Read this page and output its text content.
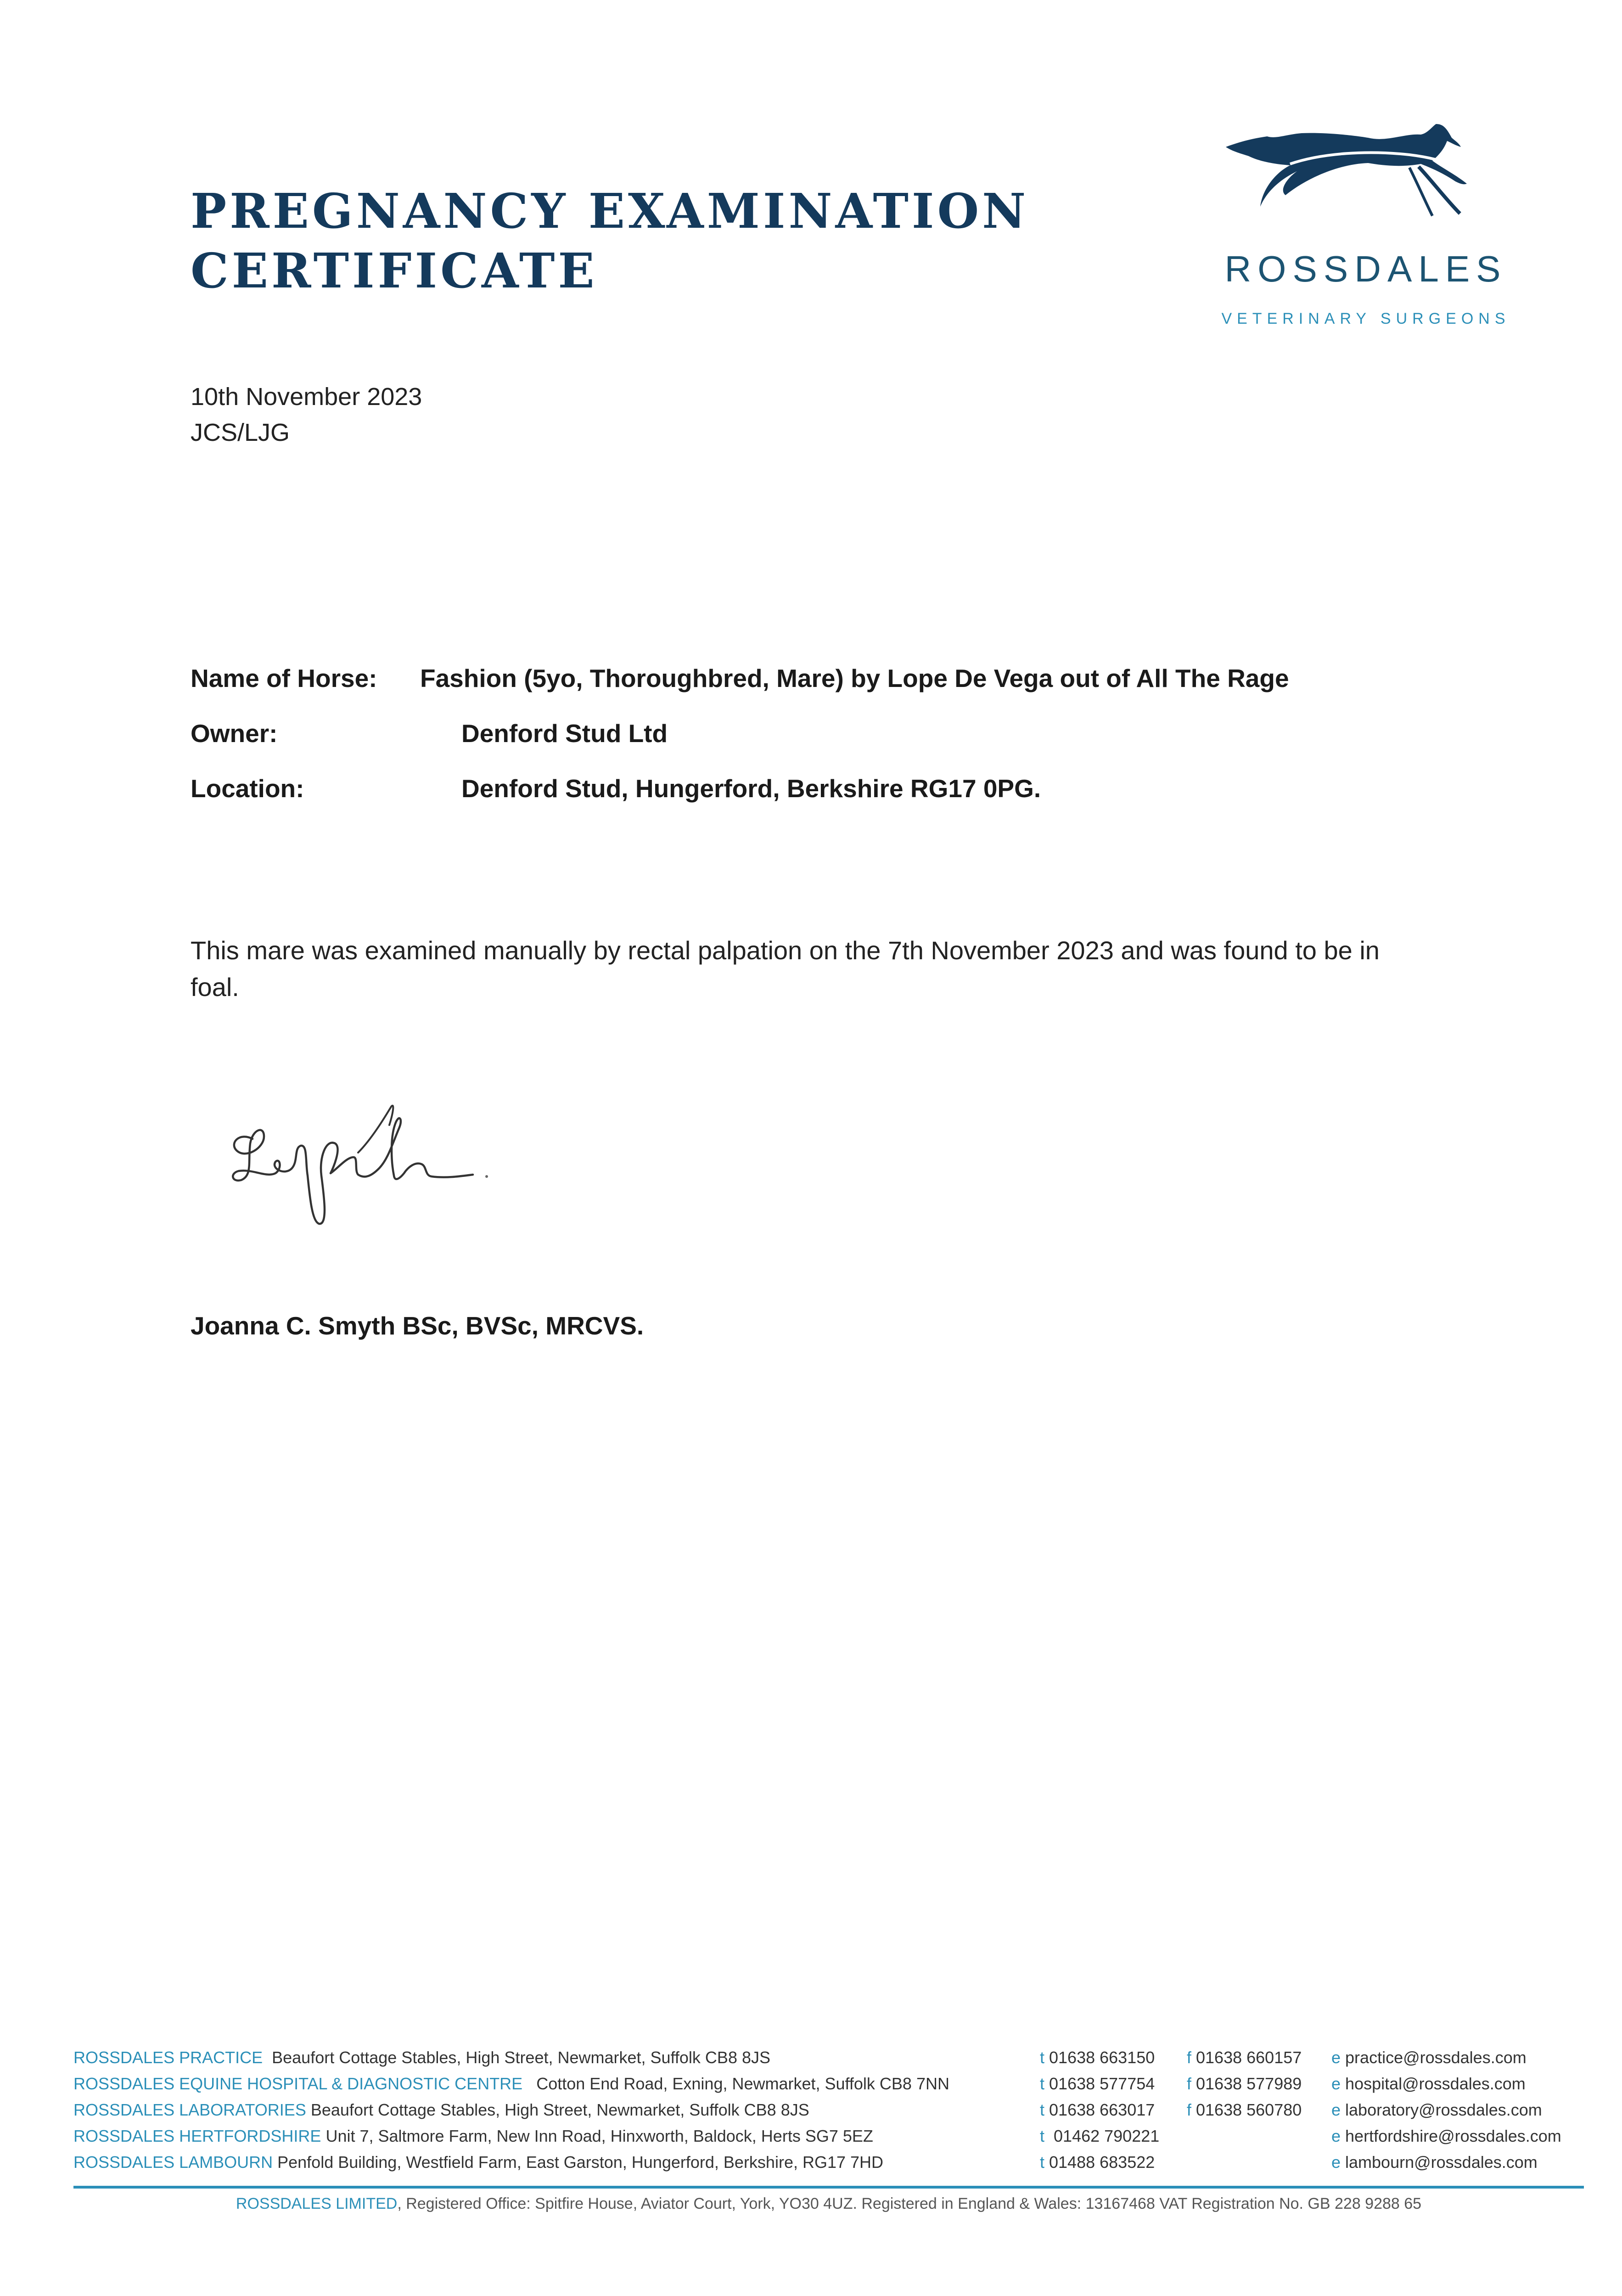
PREGNANCY EXAMINATION
CERTIFICATE	ROSSDALES
VETERINARY SURGEONS
10th November 2023
JCS/LJG
Name of Horse: Fashion (5yo, Thoroughbred, Mare) by Lope De Vega out of All The Rage
Owner:	Denford Stud Ltd
Location:	Denford Stud, Hungerford, Berkshire RG17 0PG.

This mare was examined manually by rectal palpation on the 7th November 2023 and was found to be in foal.

Joanna C. Smyth BSc, BVSc, MRCVS.
ROSSDALES PRACTICE Beaufort Cottage Stables, High Street, Newmarket, Suffolk CB8 8JS	t 01638 663150 f 01638 660157 e practice@rossdales.com
ROSSDALES EQUINE HOSPITAL & DIAGNOSTIC CENTRE Cotton End Road, Exning, Newmarket, Suffolk CB8 7NN	t 01638 577754 f 01638 577989 e hospital@rossdales.com
ROSSDALES LABORATORIES Beaufort Cottage Stables, High Street, Newmarket, Suffolk CB8 8JS	t 01638 663017 f 01638 560780 e laboratory@rossdales.com
ROSSDALES HERTFORDSHIRE Unit 7, Saltmore Farm, New Inn Road, Hinxworth, Baldock, Herts SG7 5EZ	t  01462 790221	e hertfordshire@rossdales.com
ROSSDALES LAMBOURN Penfold Building, Westfield Farm, East Garston, Hungerford, Berkshire, RG17 7HD	t 01488 683522	e lambourn@rossdales.com
ROSSDALES LIMITED, Registered Office: Spitfire House, Aviator Court, York, YO30 4UZ. Registered in England & Wales: 13167468 VAT Registration No. GB 228 9288 65
